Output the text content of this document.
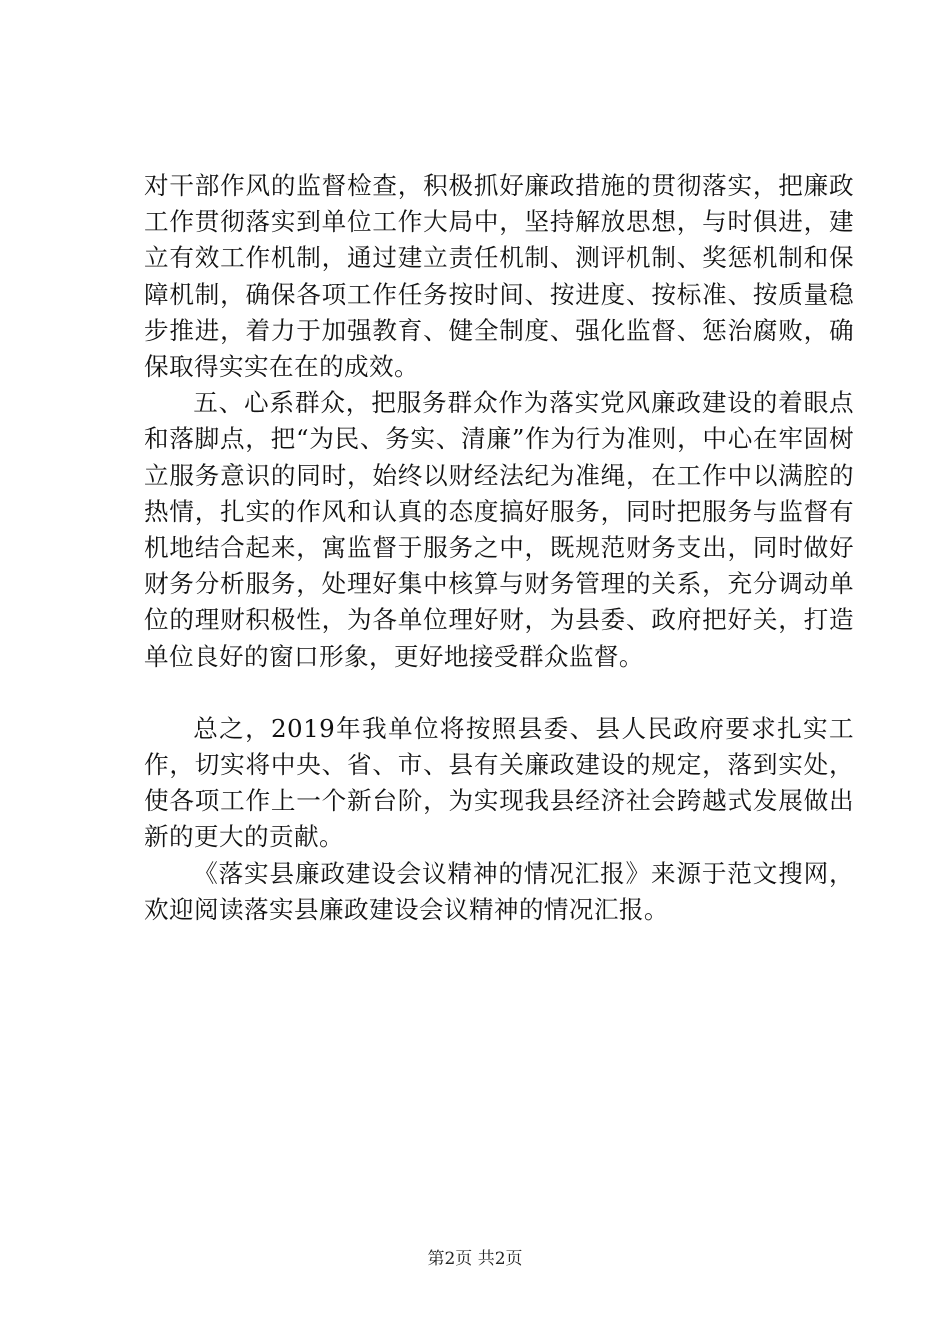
对干部作风的监督检查，积极抓好廉政措施的贯彻落实，把廉政工作贯彻落实到单位工作大局中，坚持解放思想，与时俱进，建立有效工作机制，通过建立责任机制、测评机制、奖惩机制和保障机制，确保各项工作任务按时间、按进度、按标准、按质量稳步推进，着力于加强教育、健全制度、强化监督、惩治腐败，确保取得实实在在的成效。

五、心系群众，把服务群众作为落实党风廉政建设的着眼点和落脚点，把“为民、务实、清廉”作为行为准则，中心在牢固树立服务意识的同时，始终以财经法纪为准绳，在工作中以满腔的热情，扎实的作风和认真的态度搞好服务，同时把服务与监督有机地结合起来，寓监督于服务之中，既规范财务支出，同时做好财务分析服务，处理好集中核算与财务管理的关系，充分调动单位的理财积极性，为各单位理好财，为县委、政府把好关，打造单位良好的窗口形象，更好地接受群众监督。

总之，2019年我单位将按照县委、县人民政府要求扎实工作，切实将中央、省、市、县有关廉政建设的规定，落到实处，使各项工作上一个新台阶，为实现我县经济社会跨越式发展做出新的更大的贡献。

《落实县廉政建设会议精神的情况汇报》来源于范文搜网，欢迎阅读落实县廉政建设会议精神的情况汇报。

第2页 共2页
